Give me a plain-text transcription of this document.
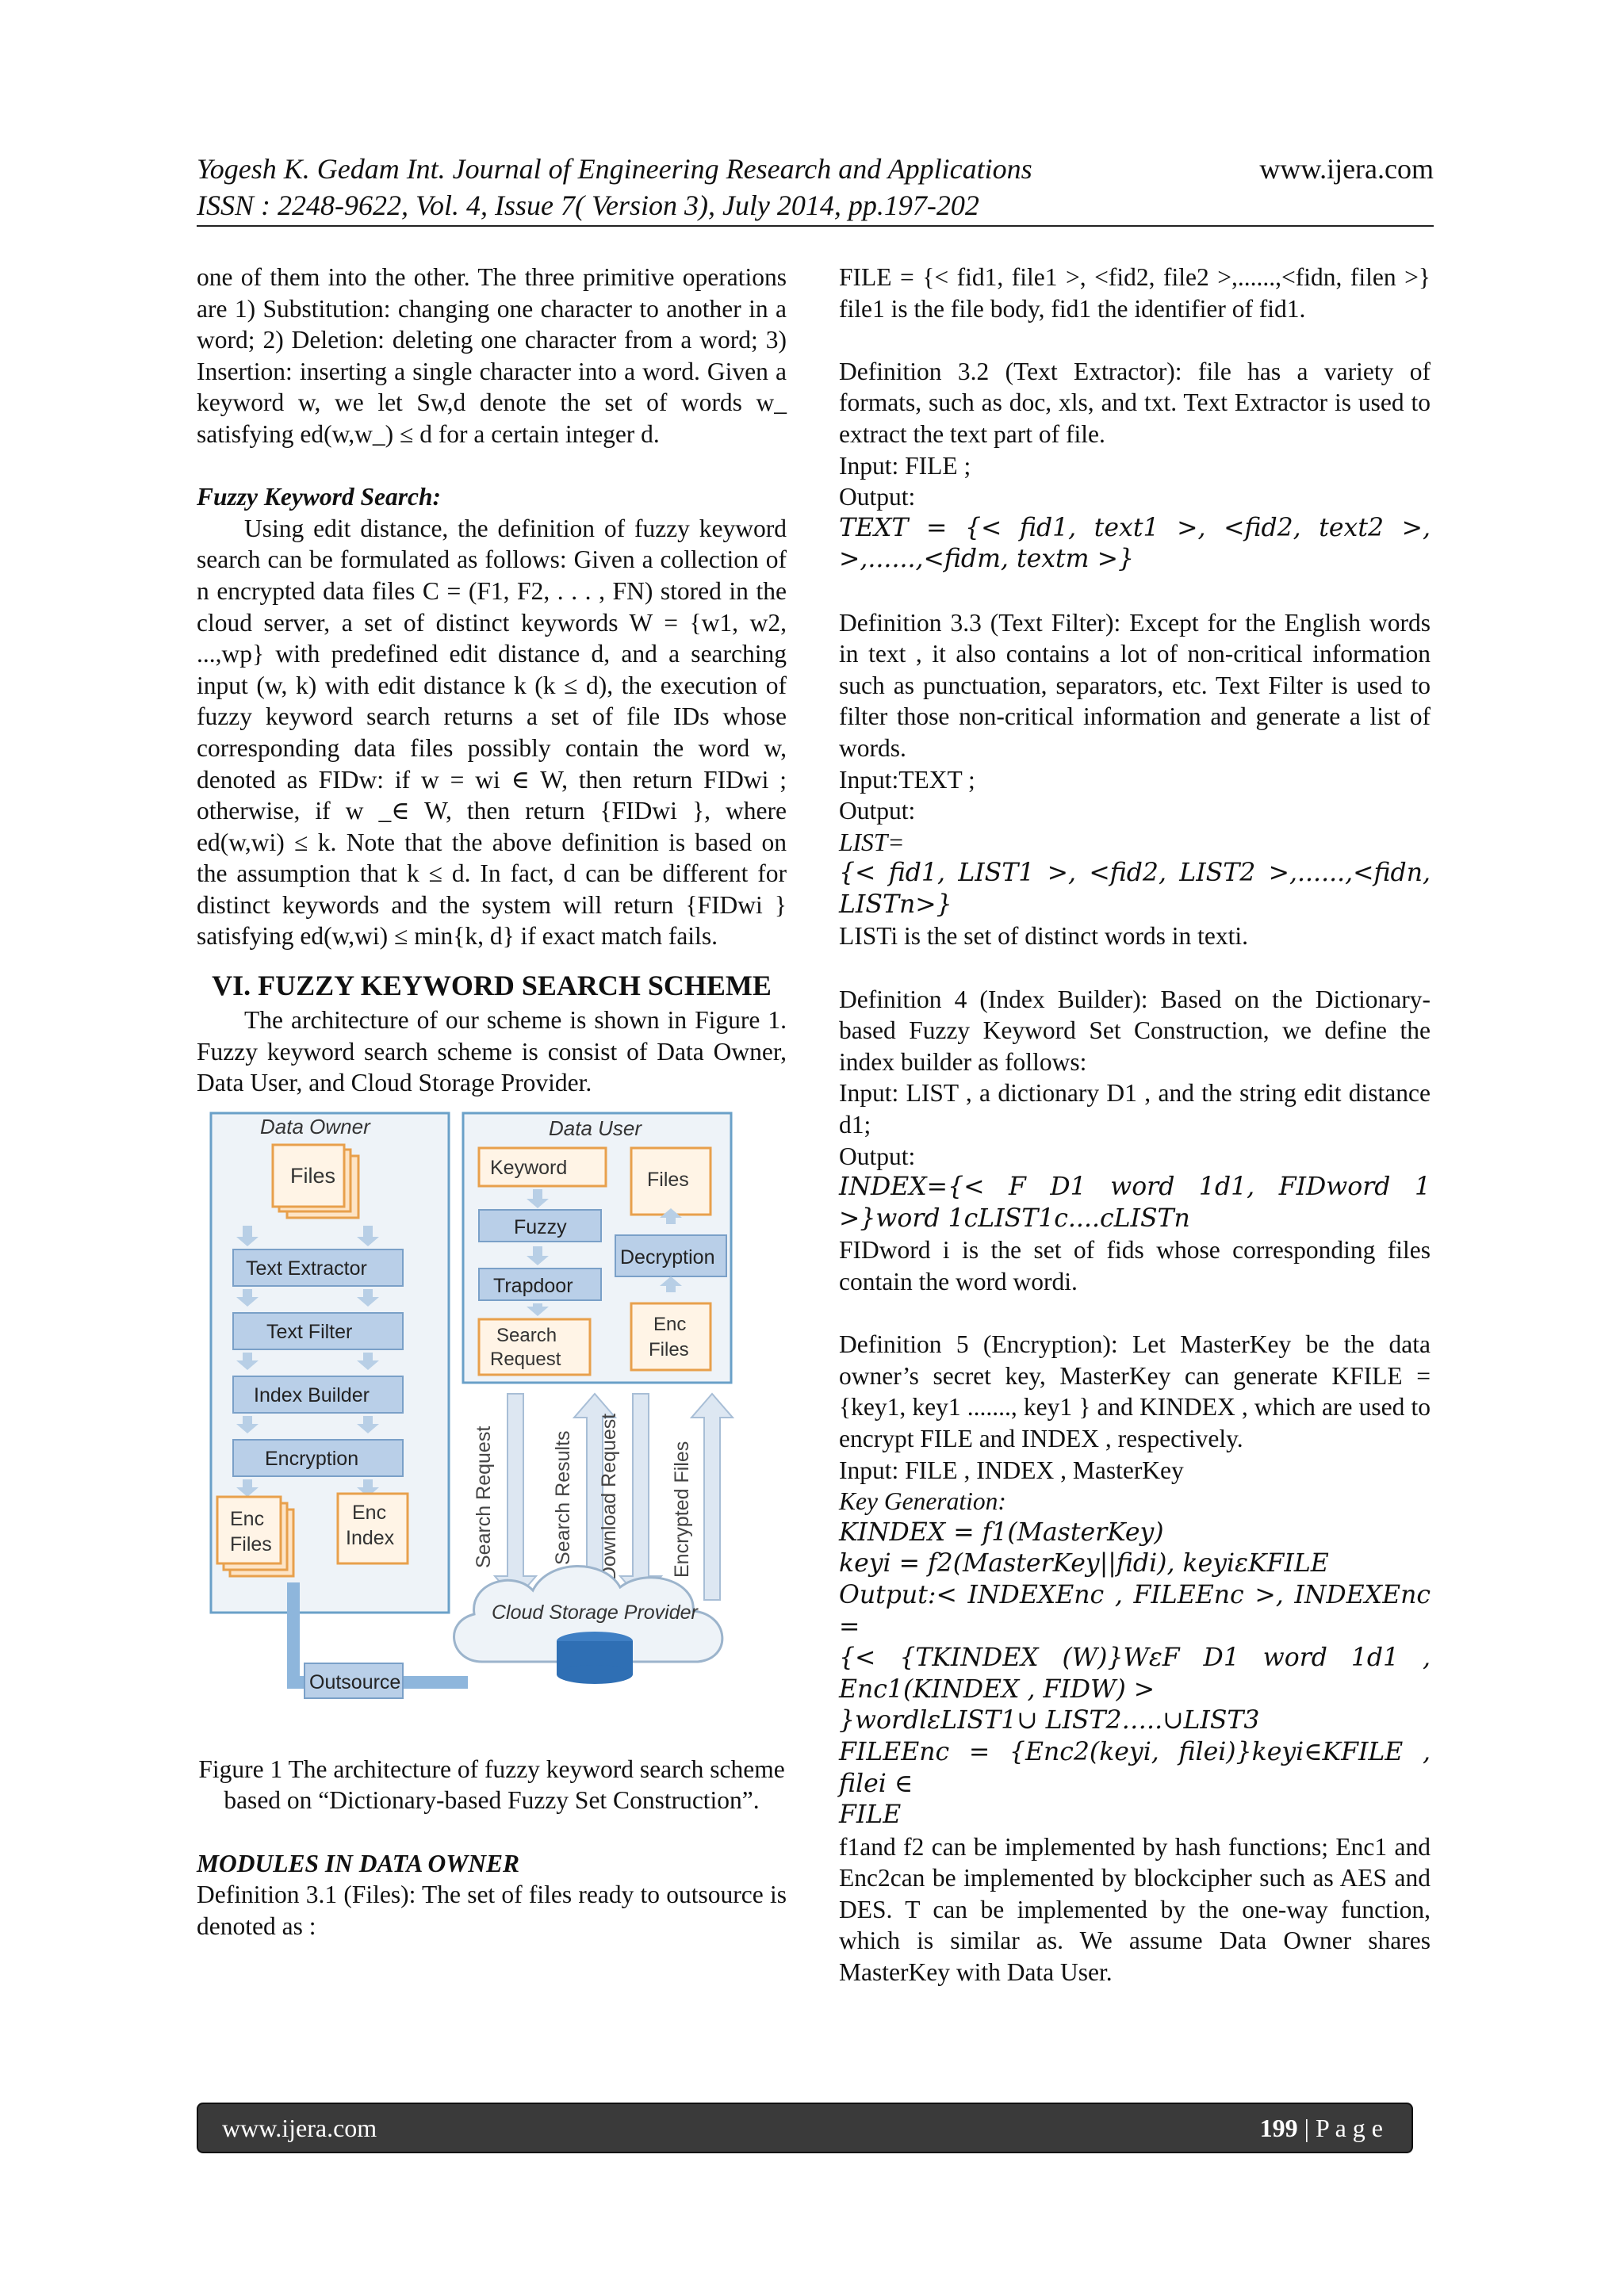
Yogesh K. Gedam Int. Journal of Engineering Research and Applications	www.ijera.com
ISSN : 2248-9622, Vol. 4, Issue 7( Version 3), July 2014, pp.197-202

one of them into the other. The three primitive operations are 1) Substitution: changing one character to another in a word; 2) Deletion: deleting one character from a word; 3) Insertion: inserting a single character into a word. Given a keyword w, we let Sw,d denote the set of words w_ satisfying ed(w,w_) ≤ d for a certain integer d.

Fuzzy Keyword Search:

Using edit distance, the definition of fuzzy keyword search can be formulated as follows: Given a collection of n encrypted data files C = (F1, F2, . . . , FN) stored in the cloud server, a set of distinct keywords W = {w1, w2, ...,wp} with predefined edit distance d, and a searching input (w, k) with edit distance k (k ≤ d), the execution of fuzzy keyword search returns a set of file IDs whose corresponding data files possibly contain the word w, denoted as FIDw: if w = wi ∈ W, then return FIDwi ; otherwise, if w _∈ W, then return {FIDwi }, where ed(w,wi) ≤ k. Note that the above definition is based on the assumption that k ≤ d. In fact, d can be different for distinct keywords and the system will return {FIDwi } satisfying ed(w,wi) ≤ min{k, d} if exact match fails.

VI. FUZZY KEYWORD SEARCH SCHEME

The architecture of our scheme is shown in Figure 1. Fuzzy keyword search scheme is consist of Data Owner, Data User, and Cloud Storage Provider.

Data Owner
Files
Text Extractor
Text Filter
Index Builder
Encryption
Enc
Files
Enc
Index
Data User
Keyword
Files
Fuzzy
Trapdoor
Search
Request
Decryption
Enc
Files
Search Request	Search Results Download Request	Encrypted Files
Cloud Storage Provider
Outsource

Figure 1 The architecture of fuzzy keyword search scheme based on “Dictionary-based Fuzzy Set Construction”.

MODULES IN DATA OWNER

Definition 3.1 (Files): The set of files ready to outsource is denoted as :

FILE = {< fid1, file1 >, <fid2, file2 >,......,<fidn, filen >} file1 is the file body, fid1 the identifier of fid1.

Definition 3.2 (Text Extractor): file has a variety of formats, such as doc, xls, and txt. Text Extractor is used to extract the text part of file.

Input: FILE ;

Output:

TEXT = {< fid1, text1 >, <fid2, text2 >, >,......,<fidm, textm >}

Definition 3.3 (Text Filter): Except for the English words in text , it also contains a lot of non-critical information such as punctuation, separators, etc. Text Filter is used to filter those non-critical information and generate a list of words.

Input:TEXT ;

Output:

LIST=

{< fid1, LIST1 >, <fid2, LIST2 >,......,<fidn, LISTn>}

LISTi is the set of distinct words in texti.

Definition 4 (Index Builder): Based on the Dictionary-based Fuzzy Keyword Set Construction, we define the index builder as follows:

Input: LIST , a dictionary D1 , and the string edit distance d1;

Output:

INDEX={< F D1 word 1d1, FIDword 1 >}word 1cLIST1c....cLISTn

FIDword i is the set of fids whose corresponding files contain the word wordi.

Definition 5 (Encryption): Let MasterKey be the data owner’s secret key, MasterKey can generate KFILE = {key1, key1 ......., key1 } and KINDEX , which are used to encrypt FILE and INDEX , respectively.

Input: FILE , INDEX , MasterKey

Key Generation:

KINDEX = f1(MasterKey)

keyi = f2(MasterKey||fidi), keyiεKFILE

Output:< INDEXEnc , FILEEnc >, INDEXEnc =

{< {TKINDEX (W)}WεF D1 word 1d1 , Enc1(KINDEX , FIDW) >

}wordlεLIST1∪ LIST2…..∪LIST3

FILEEnc = {Enc2(keyi, filei)}keyi∈KFILE , filei ∈

FILE

f1and f2 can be implemented by hash functions; Enc1 and Enc2can be implemented by blockcipher such as AES and DES. T can be implemented by the one-way function, which is similar as. We assume Data Owner shares MasterKey with Data User.

www.ijera.com	199 | P a g e
